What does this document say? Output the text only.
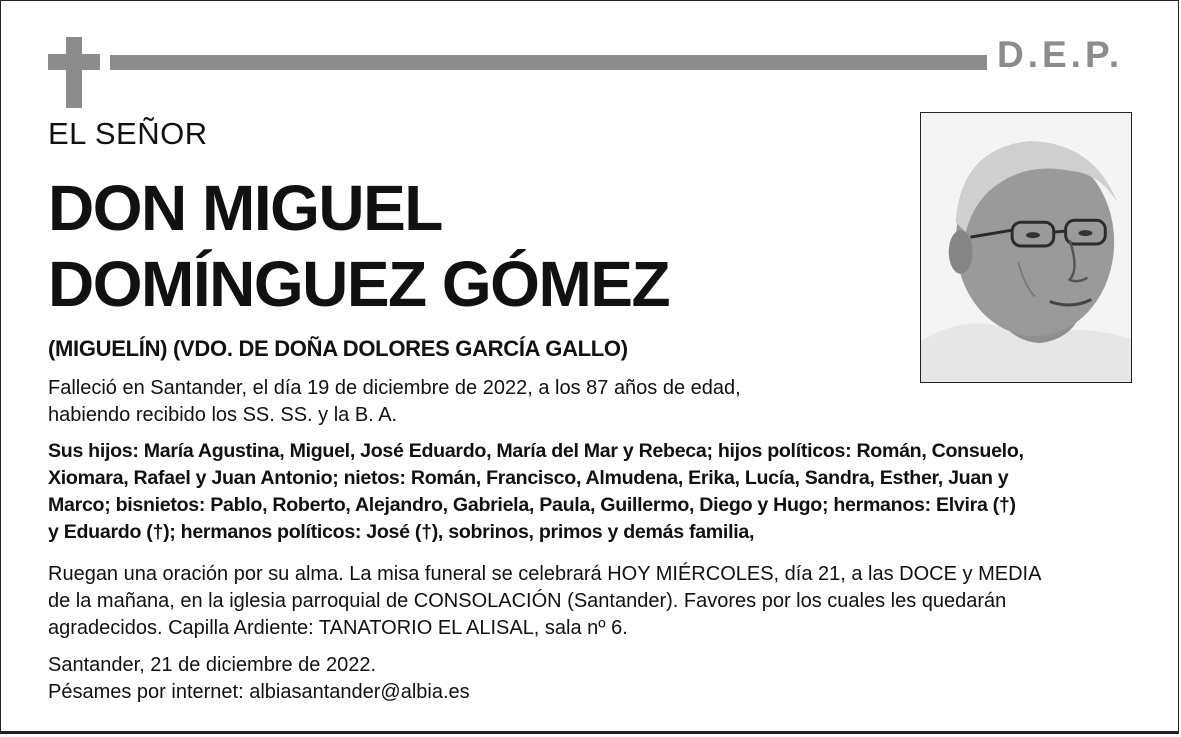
D.E.P.
EL SEÑOR
DON MIGUEL
DOMÍNGUEZ GÓMEZ
(MIGUELÍN) (VDO. DE DOÑA DOLORES GARCÍA GALLO)

Falleció en Santander, el día 19 de diciembre de 2022, a los 87 años de edad,
habiendo recibido los SS. SS. y la B. A.

Sus hijos: María Agustina, Miguel, José Eduardo, María del Mar y Rebeca; hijos políticos: Román, Consuelo,
Xiomara, Rafael y Juan Antonio; nietos: Román, Francisco, Almudena, Erika, Lucía, Sandra, Esther, Juan y
Marco; bisnietos: Pablo, Roberto, Alejandro, Gabriela, Paula, Guillermo, Diego y Hugo; hermanos: Elvira (†)
y Eduardo (†); hermanos políticos: José (†), sobrinos, primos y demás familia,

Ruegan una oración por su alma. La misa funeral se celebrará HOY MIÉRCOLES, día 21, a las DOCE y MEDIA
de la mañana, en la iglesia parroquial de CONSOLACIÓN (Santander). Favores por los cuales les quedarán
agradecidos. Capilla Ardiente: TANATORIO EL ALISAL, sala nº 6.

Santander, 21 de diciembre de 2022.
Pésames por internet: albiasantander@albia.es
